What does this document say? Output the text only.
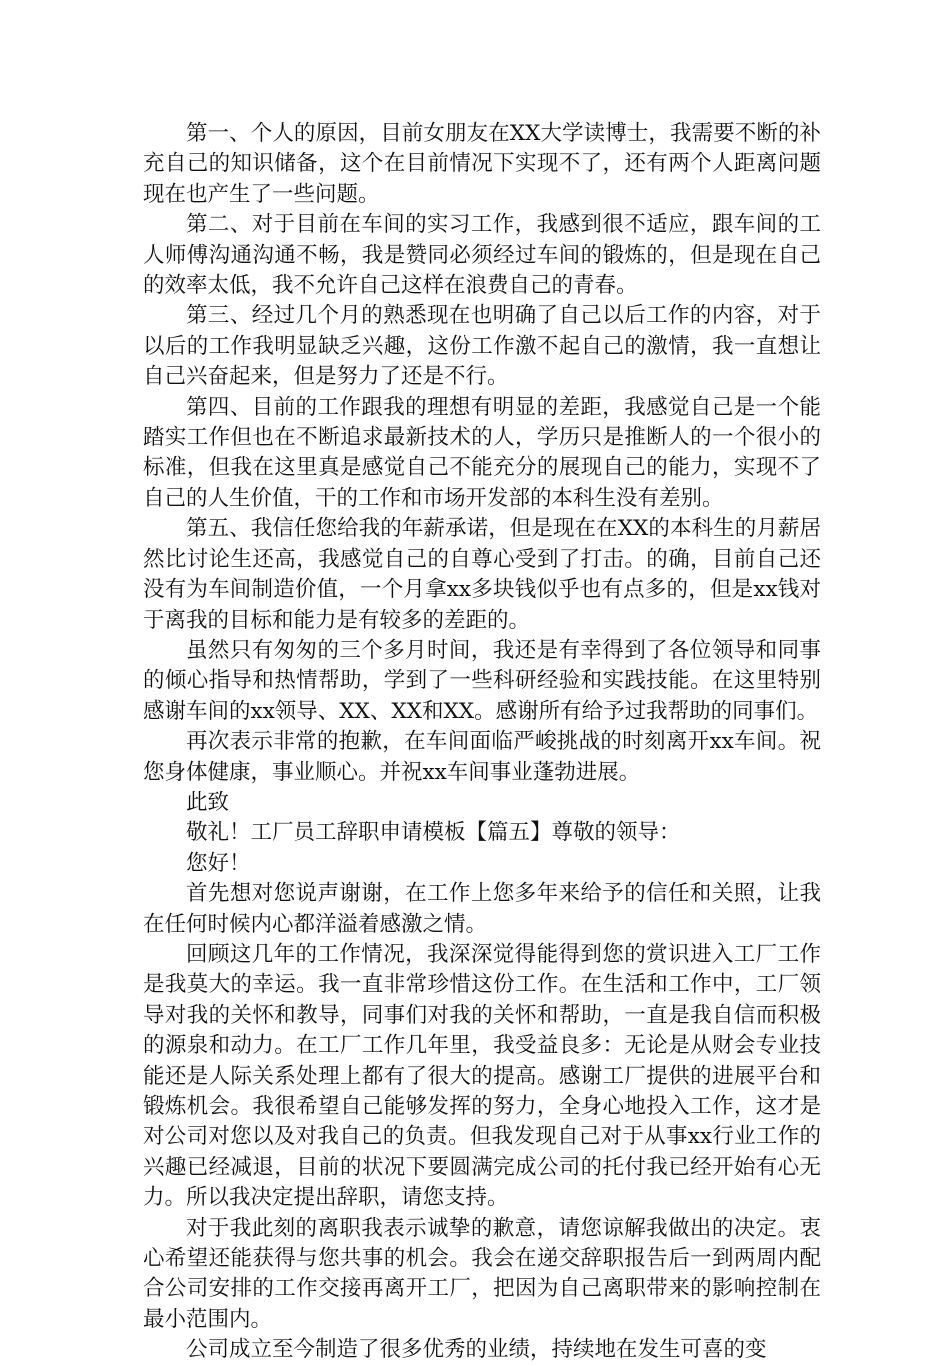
第一、个人的原因，目前女朋友在XX大学读博士，我需要不断的补充自己的知识储备，这个在目前情况下实现不了，还有两个人距离问题现在也产生了一些问题。

第二、对于目前在车间的实习工作，我感到很不适应，跟车间的工人师傅沟通沟通不畅，我是赞同必须经过车间的锻炼的，但是现在自己的效率太低，我不允许自己这样在浪费自己的青春。

第三、经过几个月的熟悉现在也明确了自己以后工作的内容，对于以后的工作我明显缺乏兴趣，这份工作激不起自己的激情，我一直想让自己兴奋起来，但是努力了还是不行。

第四、目前的工作跟我的理想有明显的差距，我感觉自己是一个能踏实工作但也在不断追求最新技术的人，学历只是推断人的一个很小的标准，但我在这里真是感觉自己不能充分的展现自己的能力，实现不了自己的人生价值，干的工作和市场开发部的本科生没有差别。

第五、我信任您给我的年薪承诺，但是现在在XX的本科生的月薪居然比讨论生还高，我感觉自己的自尊心受到了打击。的确，目前自己还没有为车间制造价值，一个月拿xx多块钱似乎也有点多的，但是xx钱对于离我的目标和能力是有较多的差距的。

虽然只有匆匆的三个多月时间，我还是有幸得到了各位领导和同事的倾心指导和热情帮助，学到了一些科研经验和实践技能。在这里特别感谢车间的xx领导、XX、XX和XX。感谢所有给予过我帮助的同事们。

再次表示非常的抱歉，在车间面临严峻挑战的时刻离开xx车间。祝您身体健康，事业顺心。并祝xx车间事业蓬勃进展。

此致

敬礼！工厂员工辞职申请模板【篇五】尊敬的领导：

您好！

首先想对您说声谢谢，在工作上您多年来给予的信任和关照，让我在任何时候内心都洋溢着感激之情。

回顾这几年的工作情况，我深深觉得能得到您的赏识进入工厂工作是我莫大的幸运。我一直非常珍惜这份工作。在生活和工作中，工厂领导对我的关怀和教导，同事们对我的关怀和帮助，一直是我自信而积极的源泉和动力。在工厂工作几年里，我受益良多：无论是从财会专业技能还是人际关系处理上都有了很大的提高。感谢工厂提供的进展平台和锻炼机会。我很希望自己能够发挥的努力，全身心地投入工作，这才是对公司对您以及对我自己的负责。但我发现自己对于从事xx行业工作的兴趣已经减退，目前的状况下要圆满完成公司的托付我已经开始有心无力。所以我决定提出辞职，请您支持。

对于我此刻的离职我表示诚挚的歉意，请您谅解我做出的决定。衷心希望还能获得与您共事的机会。我会在递交辞职报告后一到两周内配合公司安排的工作交接再离开工厂，把因为自己离职带来的影响控制在最小范围内。

公司成立至今制造了很多优秀的业绩，持续地在发生可喜的变
